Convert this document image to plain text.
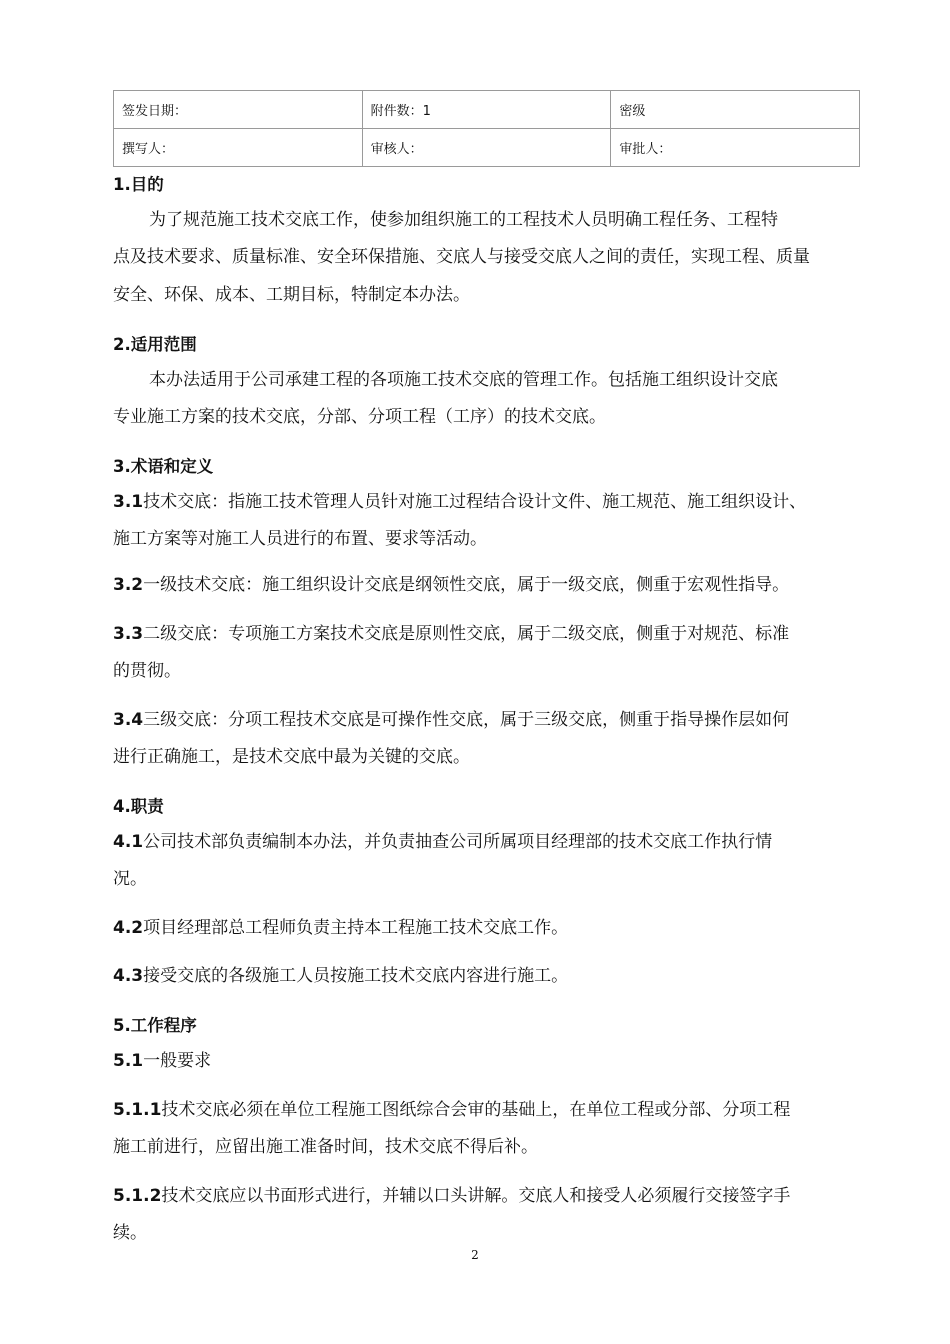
签发日期：	附件数：1	密级
撰写人：	审核人：	审批人：
1.目的
为了规范施工技术交底工作，使参加组织施工的工程技术人员明确工程任务、工程特
点及技术要求、质量标准、安全环保措施、交底人与接受交底人之间的责任，实现工程、质量
安全、环保、成本、工期目标，特制定本办法。
2.适用范围
本办法适用于公司承建工程的各项施工技术交底的管理工作。包括施工组织设计交底
专业施工方案的技术交底，分部、分项工程（工序）的技术交底。
3.术语和定义
3.1技术交底：指施工技术管理人员针对施工过程结合设计文件、施工规范、施工组织设计、
施工方案等对施工人员进行的布置、要求等活动。
3.2一级技术交底：施工组织设计交底是纲领性交底，属于一级交底，侧重于宏观性指导。
3.3二级交底：专项施工方案技术交底是原则性交底，属于二级交底，侧重于对规范、标准
的贯彻。
3.4三级交底：分项工程技术交底是可操作性交底，属于三级交底，侧重于指导操作层如何
进行正确施工，是技术交底中最为关键的交底。
4.职责
4.1公司技术部负责编制本办法，并负责抽查公司所属项目经理部的技术交底工作执行情
况。
4.2项目经理部总工程师负责主持本工程施工技术交底工作。
4.3接受交底的各级施工人员按施工技术交底内容进行施工。
5.工作程序
5.1一般要求
5.1.1技术交底必须在单位工程施工图纸综合会审的基础上，在单位工程或分部、分项工程
施工前进行，应留出施工准备时间，技术交底不得后补。
5.1.2技术交底应以书面形式进行，并辅以口头讲解。交底人和接受人必须履行交接签字手
续。
2
